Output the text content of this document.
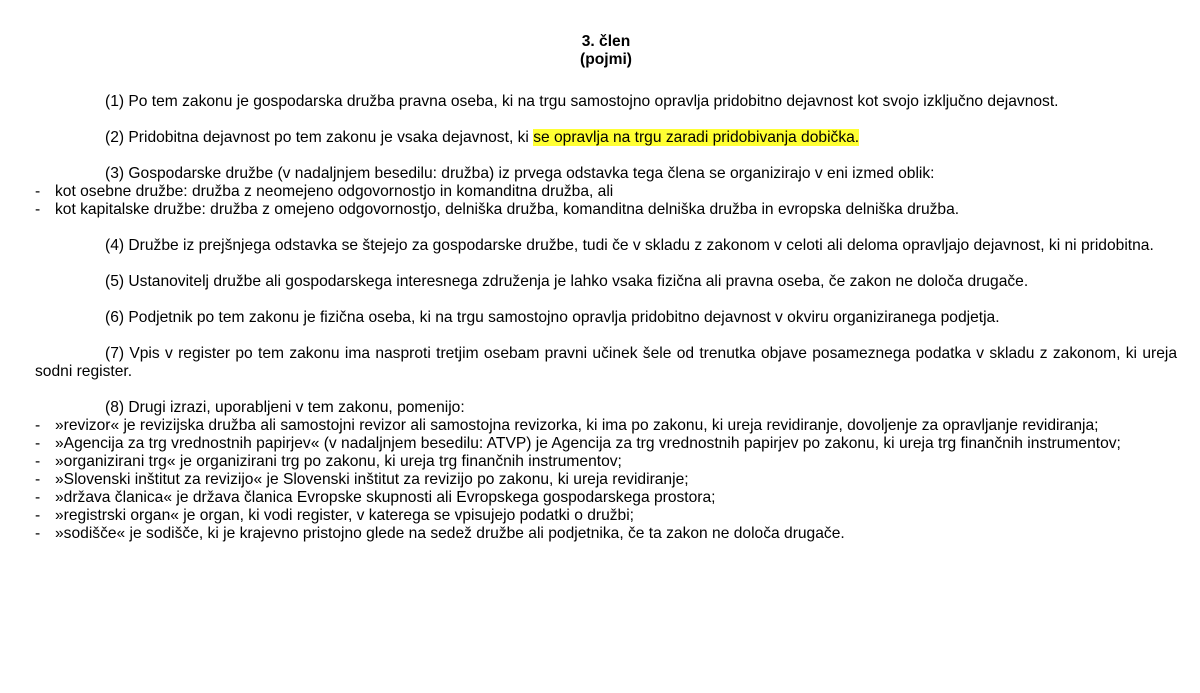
3. člen

(pojmi)

(1) Po tem zakonu je gospodarska družba pravna oseba, ki na trgu samostojno opravlja pridobitno dejavnost kot svojo izključno dejavnost.

(2) Pridobitna dejavnost po tem zakonu je vsaka dejavnost, ki se opravlja na trgu zaradi pridobivanja dobička.

(3) Gospodarske družbe (v nadaljnjem besedilu: družba) iz prvega odstavka tega člena se organizirajo v eni izmed oblik:

- kot osebne družbe: družba z neomejeno odgovornostjo in komanditna družba, ali
- kot kapitalske družbe: družba z omejeno odgovornostjo, delniška družba, komanditna delniška družba in evropska delniška družba.

(4) Družbe iz prejšnjega odstavka se štejejo za gospodarske družbe, tudi če v skladu z zakonom v celoti ali deloma opravljajo dejavnost, ki ni pridobitna.

(5) Ustanovitelj družbe ali gospodarskega interesnega združenja je lahko vsaka fizična ali pravna oseba, če zakon ne določa drugače.

(6) Podjetnik po tem zakonu je fizična oseba, ki na trgu samostojno opravlja pridobitno dejavnost v okviru organiziranega podjetja.

(7) Vpis v register po tem zakonu ima nasproti tretjim osebam pravni učinek šele od trenutka objave posameznega podatka v skladu z zakonom, ki ureja sodni register.

(8) Drugi izrazi, uporabljeni v tem zakonu, pomenijo:

- »revizor« je revizijska družba ali samostojni revizor ali samostojna revizorka, ki ima po zakonu, ki ureja revidiranje, dovoljenje za opravljanje revidiranja;
- »Agencija za trg vrednostnih papirjev« (v nadaljnjem besedilu: ATVP) je Agencija za trg vrednostnih papirjev po zakonu, ki ureja trg finančnih instrumentov;
- »organizirani trg« je organizirani trg po zakonu, ki ureja trg finančnih instrumentov;
- »Slovenski inštitut za revizijo« je Slovenski inštitut za revizijo po zakonu, ki ureja revidiranje;
- »država članica« je država članica Evropske skupnosti ali Evropskega gospodarskega prostora;
- »registrski organ« je organ, ki vodi register, v katerega se vpisujejo podatki o družbi;
- »sodišče« je sodišče, ki je krajevno pristojno glede na sedež družbe ali podjetnika, če ta zakon ne določa drugače.
